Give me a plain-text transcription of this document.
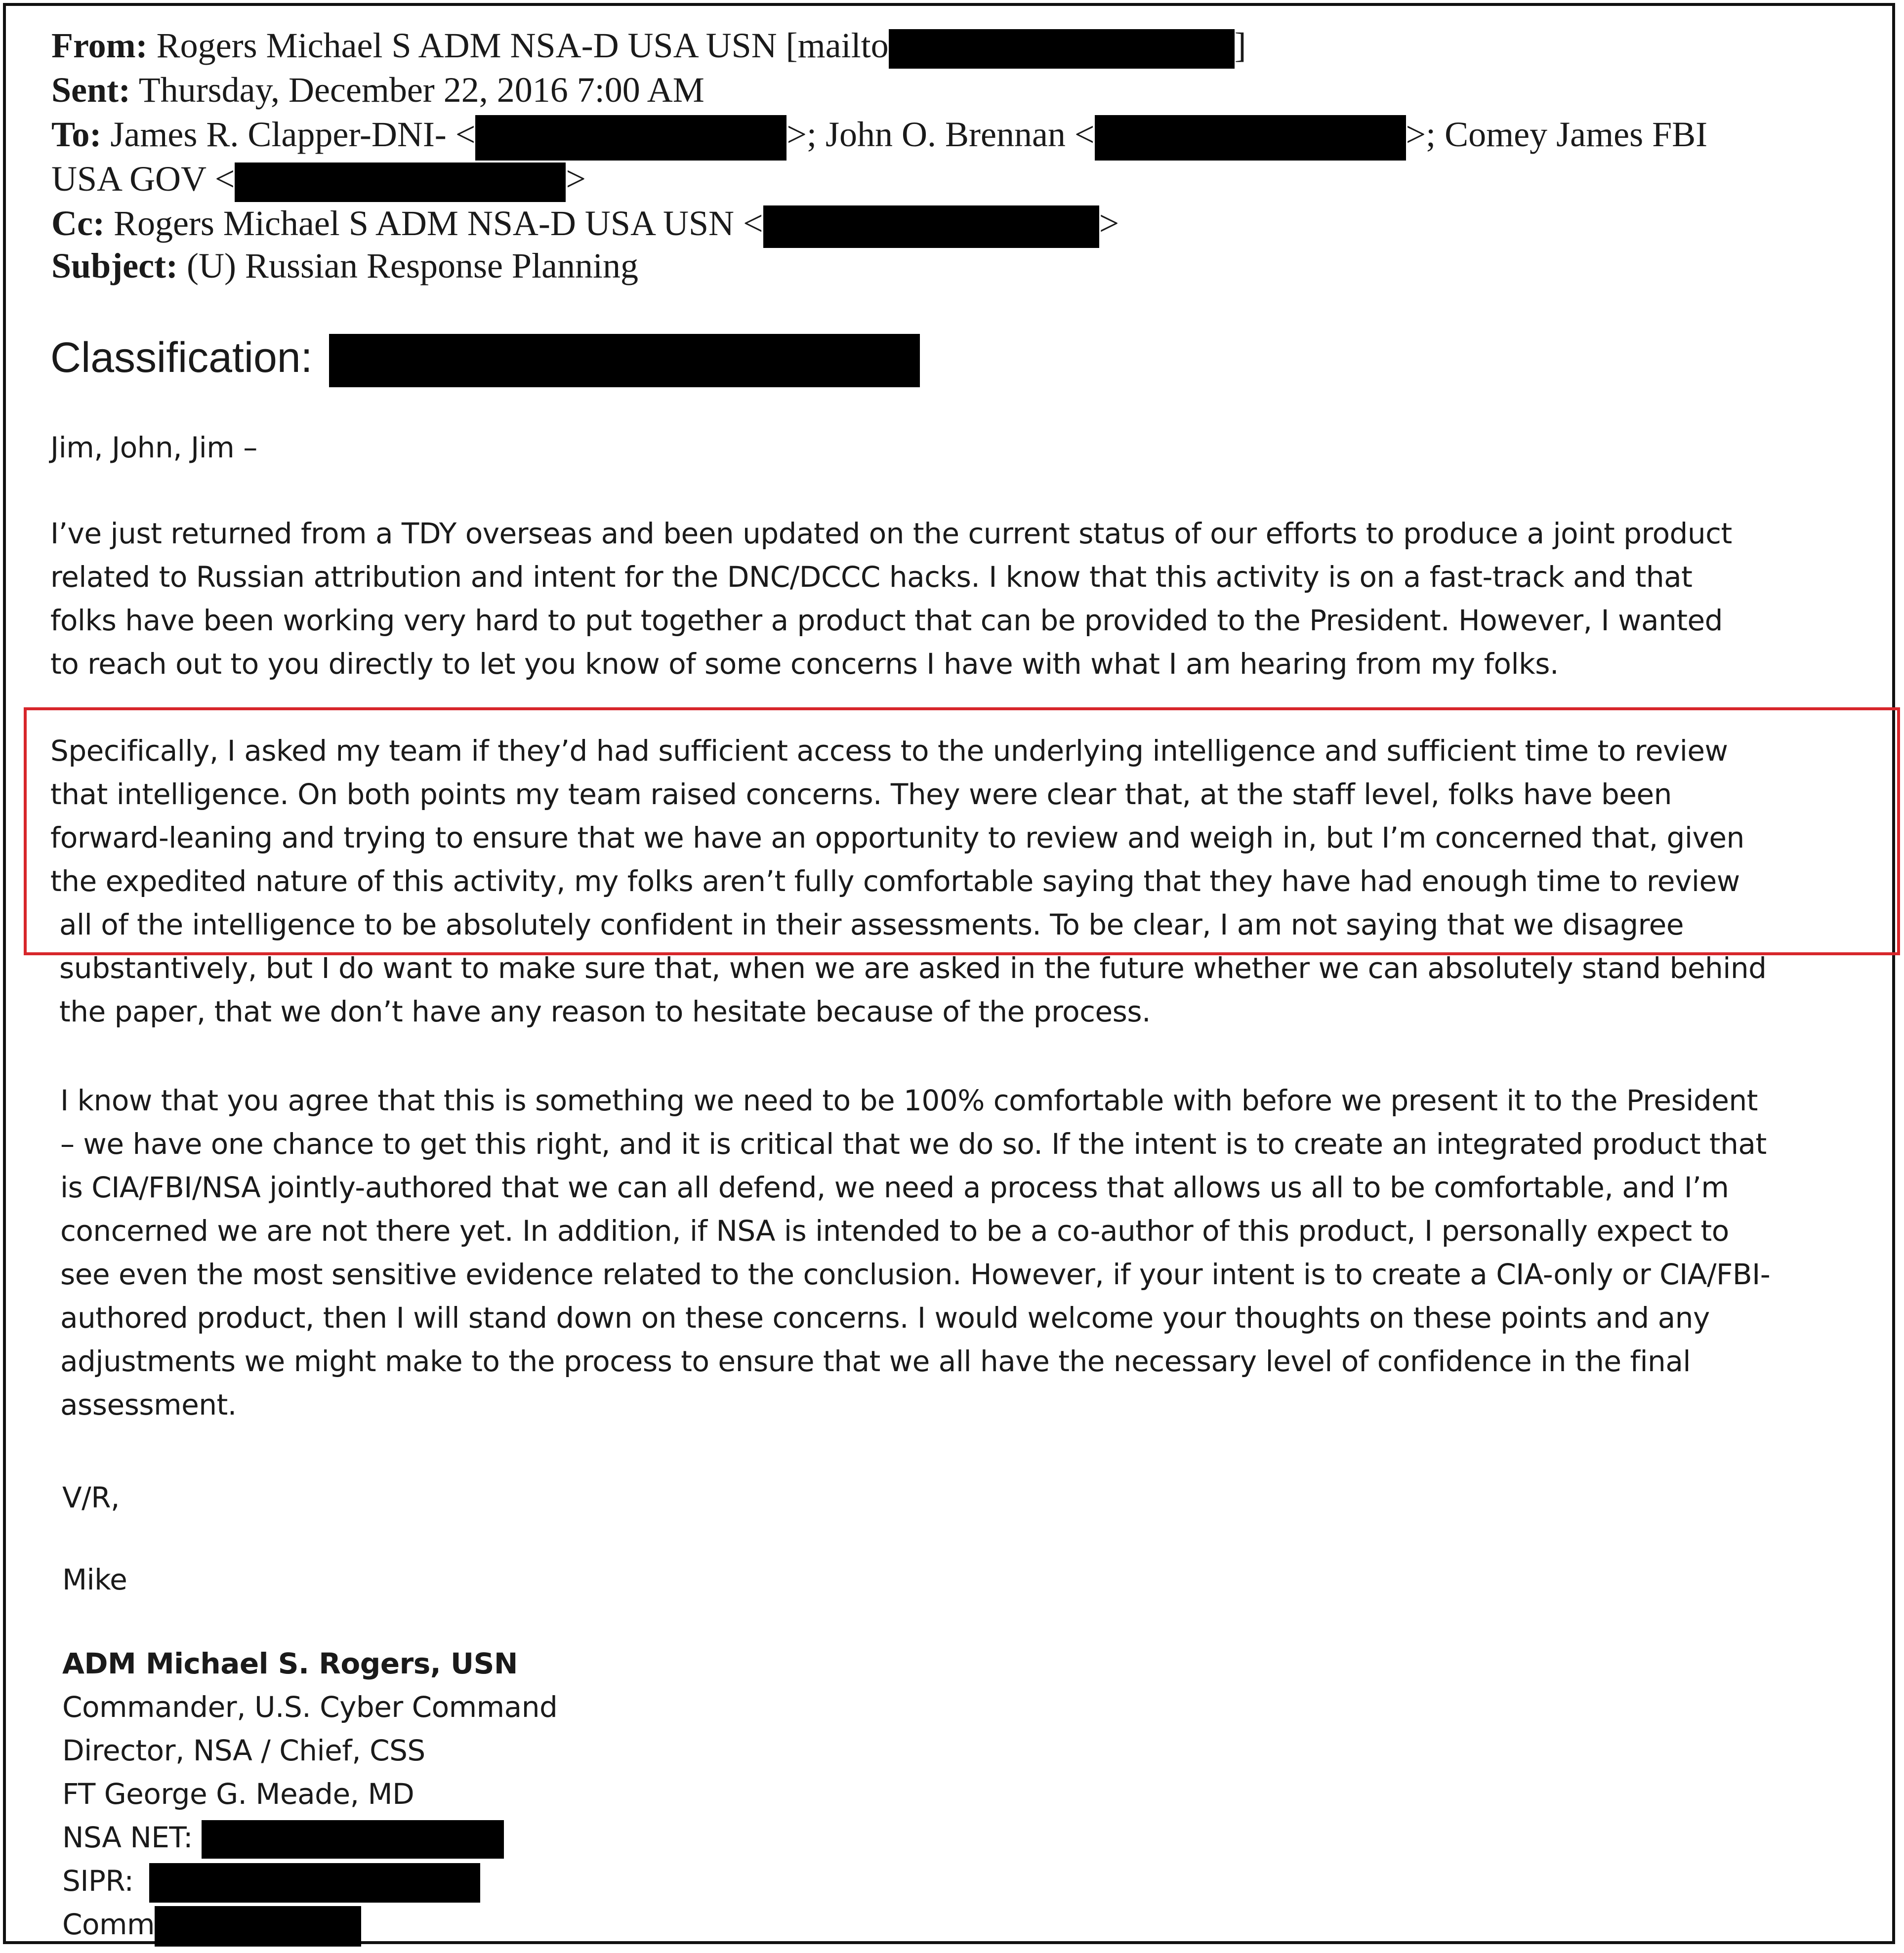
From: Rogers Michael S ADM NSA-D USA USN [mailto	]
Sent: Thursday, December 22, 2016 7:00 AM
To: James R. Clapper-DNI- <	>; John O. Brennan <	>; Comey James FBI
USA GOV <	>
Cc: Rogers Michael S ADM NSA-D USA USN <	>
Subject: (U) Russian Response Planning
Classification:
Jim, John, Jim –
I’ve just returned from a TDY overseas and been updated on the current status of our efforts to produce a joint product
related to Russian attribution and intent for the DNC/DCCC hacks. I know that this activity is on a fast-track and that
folks have been working very hard to put together a product that can be provided to the President. However, I wanted
to reach out to you directly to let you know of some concerns I have with what I am hearing from my folks.
Specifically, I asked my team if they’d had sufficient access to the underlying intelligence and sufficient time to review
that intelligence. On both points my team raised concerns. They were clear that, at the staff level, folks have been
forward-leaning and trying to ensure that we have an opportunity to review and weigh in, but I’m concerned that, given
the expedited nature of this activity, my folks aren’t fully comfortable saying that they have had enough time to review
all of the intelligence to be absolutely confident in their assessments. To be clear, I am not saying that we disagree
substantively, but I do want to make sure that, when we are asked in the future whether we can absolutely stand behind
the paper, that we don’t have any reason to hesitate because of the process.
I know that you agree that this is something we need to be 100% comfortable with before we present it to the President
– we have one chance to get this right, and it is critical that we do so. If the intent is to create an integrated product that
is CIA/FBI/NSA jointly-authored that we can all defend, we need a process that allows us all to be comfortable, and I’m
concerned we are not there yet. In addition, if NSA is intended to be a co-author of this product, I personally expect to
see even the most sensitive evidence related to the conclusion. However, if your intent is to create a CIA-only or CIA/FBI-
authored product, then I will stand down on these concerns. I would welcome your thoughts on these points and any
adjustments we might make to the process to ensure that we all have the necessary level of confidence in the final
assessment.
V/R,
Mike
ADM Michael S. Rogers, USN
Commander, U.S. Cyber Command
Director, NSA / Chief, CSS
FT George G. Meade, MD
NSA NET:
SIPR:
Comm
